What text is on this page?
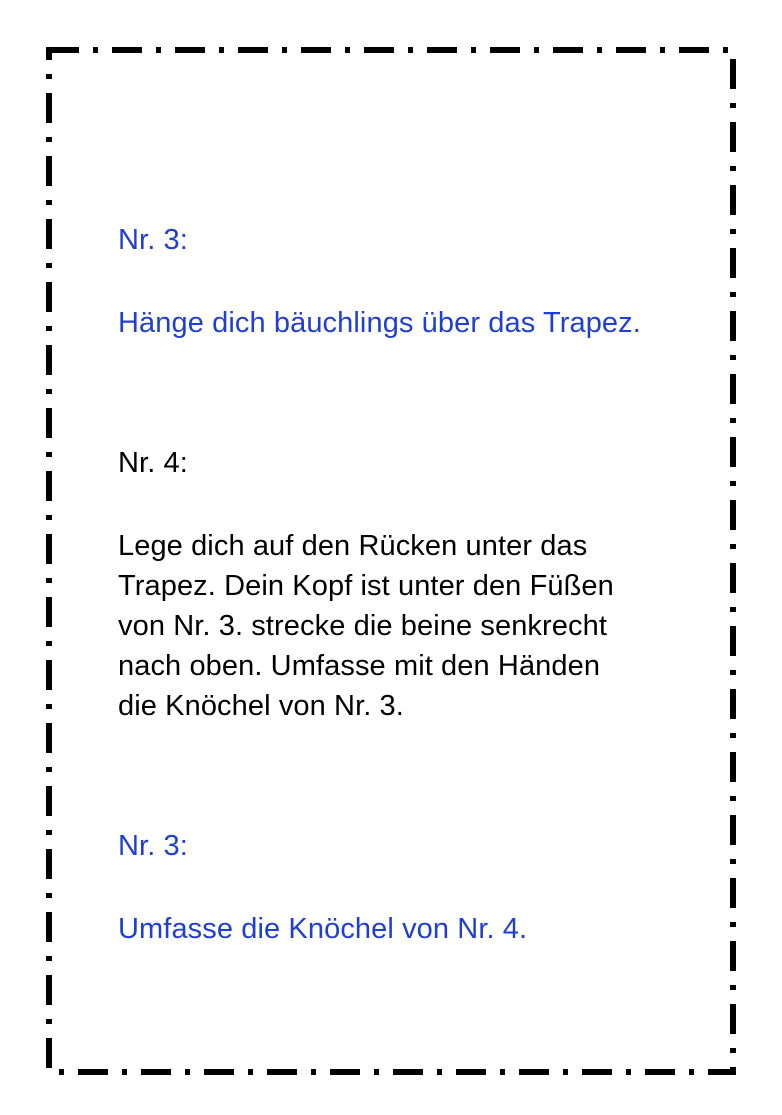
Nr. 3:

Hänge dich bäuchlings über das Trapez.

Nr. 4:

Lege dich auf den Rücken unter das

Trapez. Dein Kopf ist unter den Füßen

von Nr. 3. strecke die beine senkrecht

nach oben. Umfasse mit den Händen

die Knöchel von Nr. 3.

Nr. 3:

Umfasse die Knöchel von Nr. 4.
